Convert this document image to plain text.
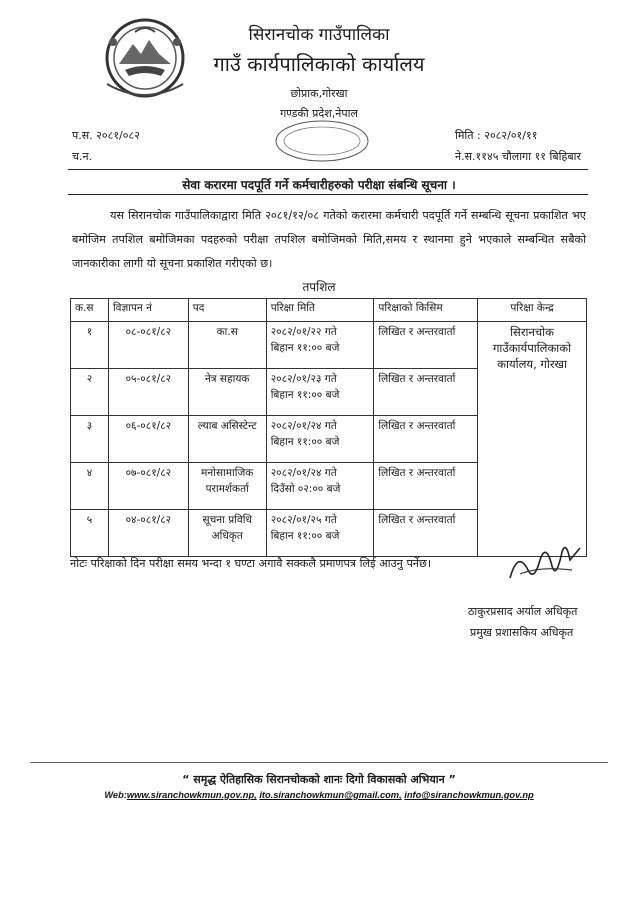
सिरानचोक गाउँपालिका
गाउँ कार्यपालिकाको कार्यालय
छोप्राक,गोरखा
गण्डकी प्रदेश,नेपाल
प.स. २०८१/०८२
च.न.
मिति : २०८२/०१/११
ने.स.११४५ चौलागा ११ बिहिबार
सेवा करारमा पदपूर्ति गर्ने कर्मचारीहरुको परीक्षा संबन्धि सूचना ।
यस सिरानचोक गाउँपालिकाद्वारा मिति २०८१/१२/०८ गतेको करारमा कर्मचारी पदपूर्ति गर्ने सम्बन्धि सूचना प्रकाशित भए बमोजिम तपशिल बमोजिमका पदहरुको परीक्षा तपशिल बमोजिमको मिति,समय र स्थानमा हुने भएकाले सम्बन्धित सबैको जानकारीका लागी यो सूचना प्रकाशित गरीएको छ।
तपशिल
क.स	विज्ञापन नं	पद	परिक्षा मिति	परिक्षाको किसिम	परिक्षा केन्द्र
१	०८-०८१/८२	का.स	२०८२/०१/२२ गते
बिहान ११:०० बजे	लिखित र अन्तरवार्ता	सिरानचोक गाउँकार्यपालिकाको कार्यालय, गोरखा
२	०५-०८१/८२	नेत्र सहायक	२०८२/०१/२३ गते
बिहान ११:०० बजे	लिखित र अन्तरवार्ता	
३	०६-०८१/८२	ल्याब असिस्टेन्ट	२०८२/०१/२४ गते
बिहान ११:०० बजे	लिखित र अन्तरवार्ता	
४	०७-०८१/८२	मनोसामाजिक परामर्शकर्ता	२०८२/०१/२४ गते
दिउँसो ०२:०० बजे	लिखित र अन्तरवार्ता	
५	०४-०८१/८२	सूचना प्रविधि अधिकृत	२०८२/०१/२५ गते
बिहान ११:०० बजे	लिखित र अन्तरवार्ता	
नोटः परिक्षाको दिन परीक्षा समय भन्दा १ घण्टा अगावै सक्कलै प्रमाणपत्र लिई आउनु पर्नेछ।
ठाकुरप्रसाद अर्याल अधिकृत
प्रमुख प्रशासकिय अधिकृत
“ समृद्ध ऐतिहासिक सिरानचोकको शानः दिगो विकासको अभियान ”
Web:www.siranchowkmun.gov.np, ito.siranchowkmun@gmail.com, info@siranchowkmun.gov.np
